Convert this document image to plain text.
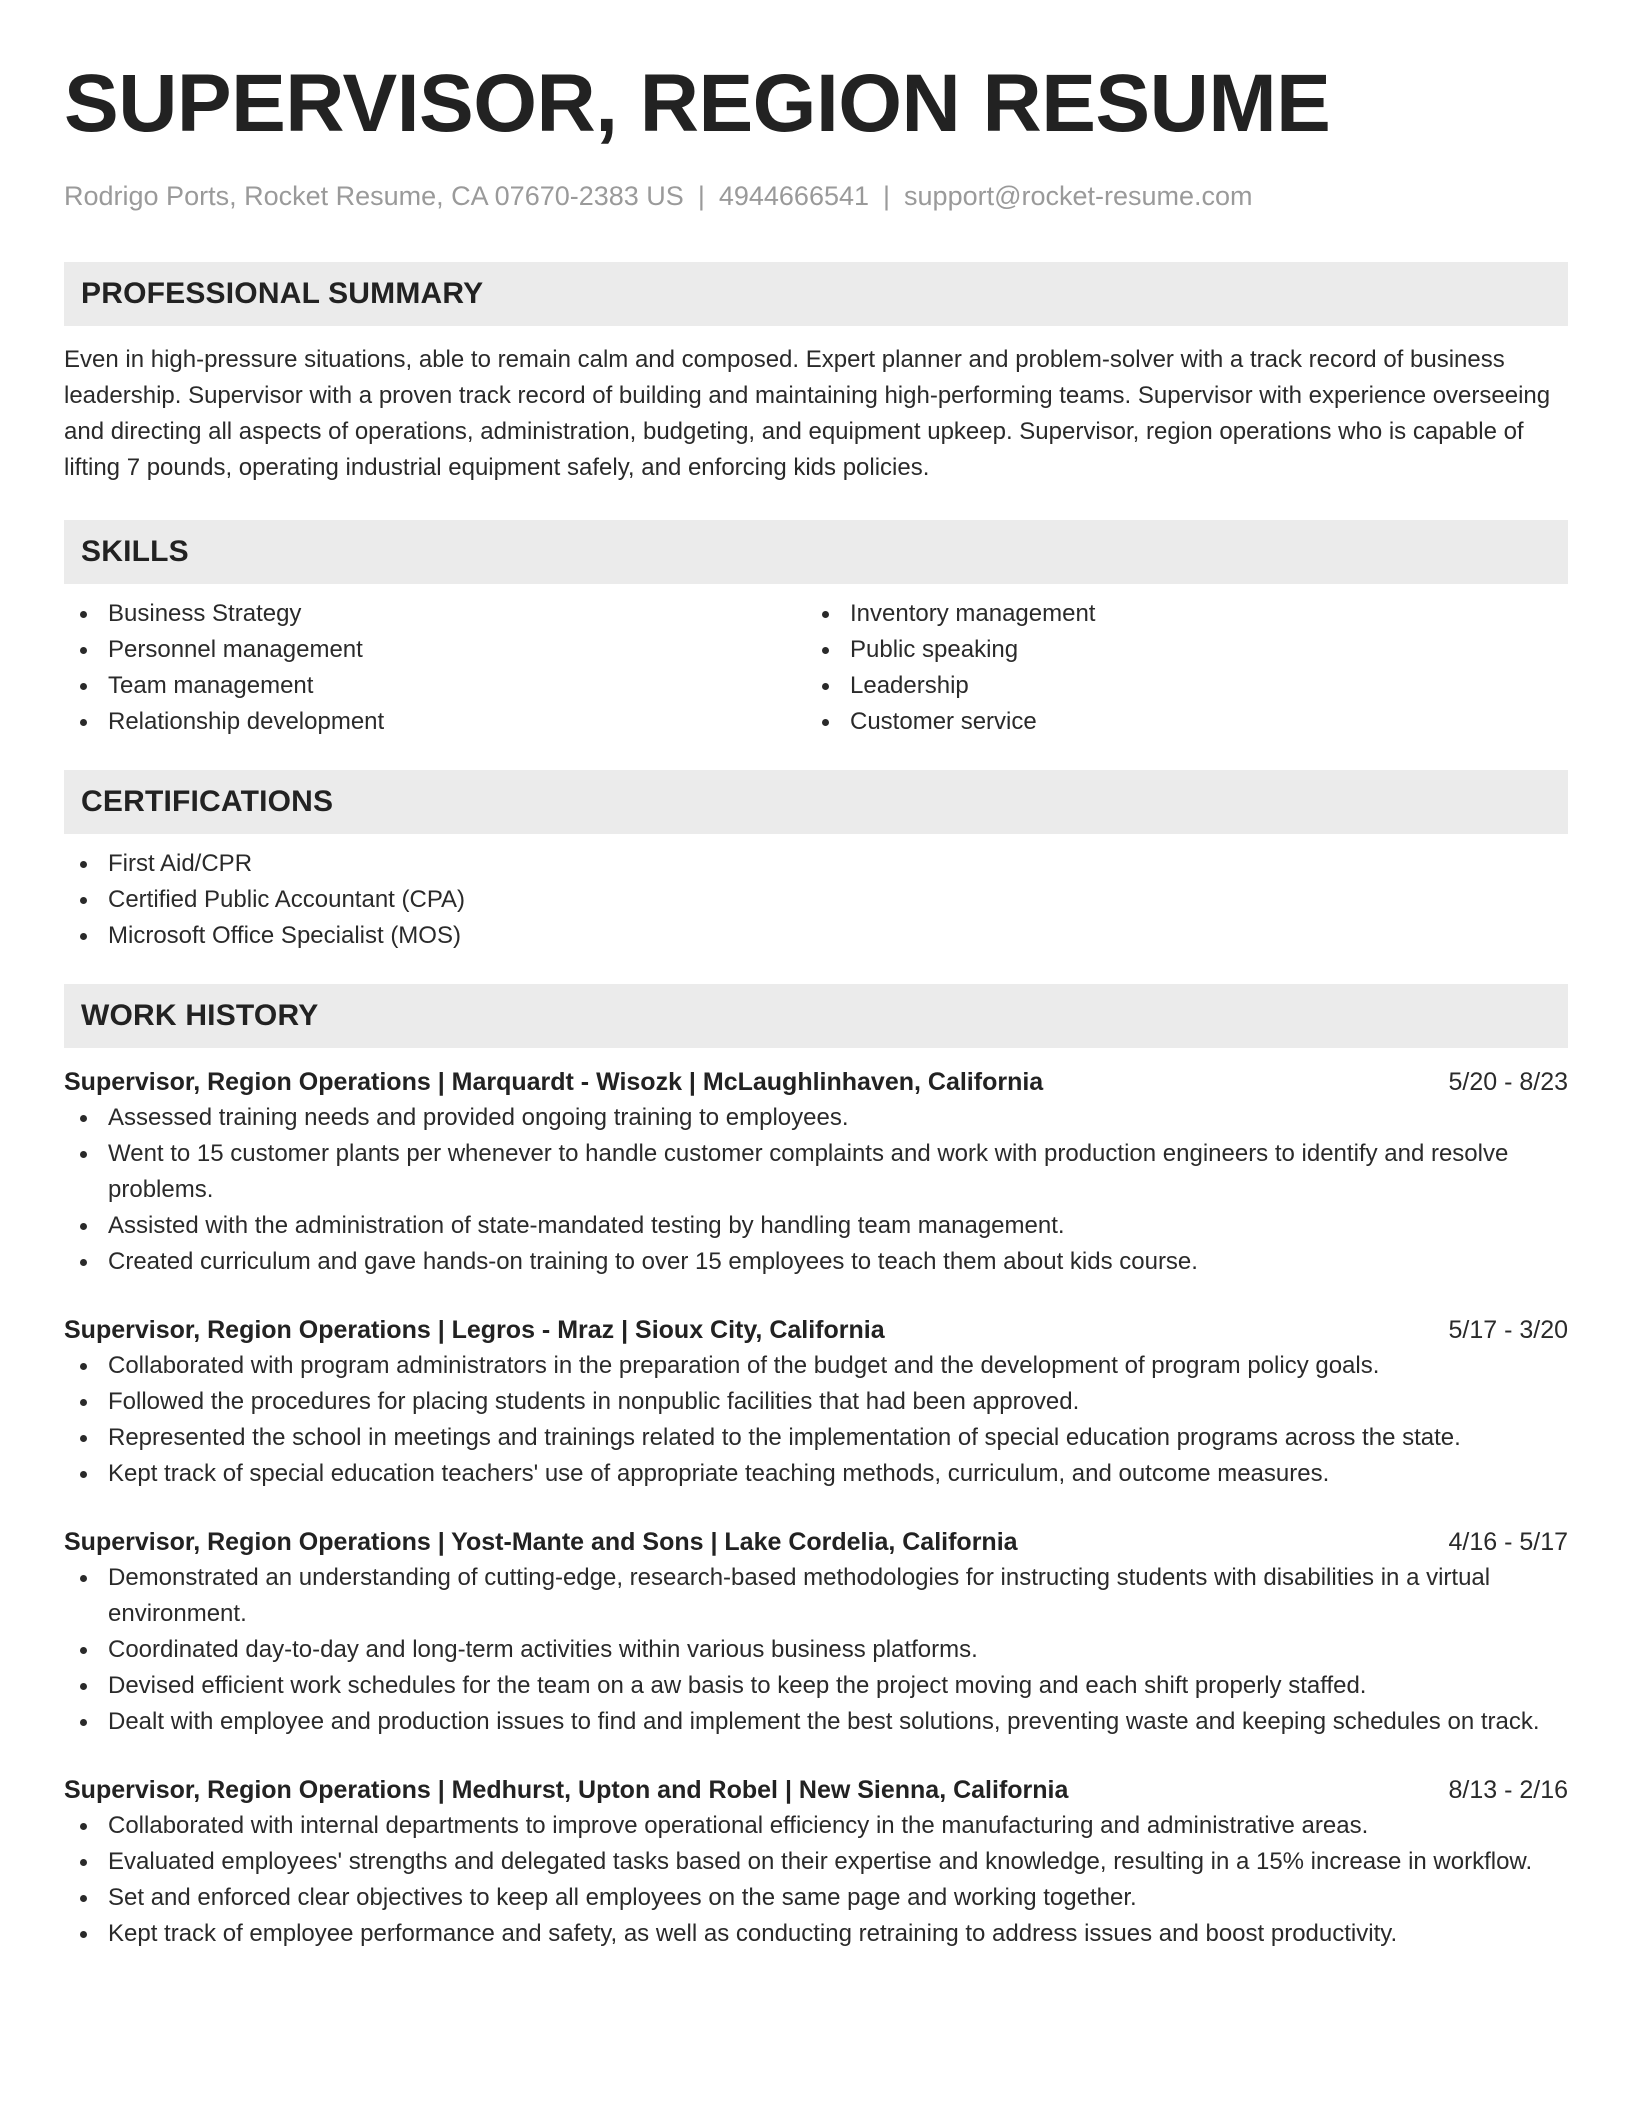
SUPERVISOR, REGION RESUME
Rodrigo Ports, Rocket Resume, CA 07670-2383 US | 4944666541 | support@rocket-resume.com
PROFESSIONAL SUMMARY

Even in high-pressure situations, able to remain calm and composed. Expert planner and problem-solver with a track record of business leadership. Supervisor with a proven track record of building and maintaining high-performing teams. Supervisor with experience overseeing and directing all aspects of operations, administration, budgeting, and equipment upkeep. Supervisor, region operations who is capable of lifting 7 pounds, operating industrial equipment safely, and enforcing kids policies.

SKILLS
Business Strategy
Personnel management
Team management
Relationship development
Inventory management
Public speaking
Leadership
Customer service
CERTIFICATIONS
First Aid/CPR
Certified Public Accountant (CPA)
Microsoft Office Specialist (MOS)
WORK HISTORY
Supervisor, Region Operations | Marquardt - Wisozk | McLaughlinhaven, California	5/20 - 8/23
Assessed training needs and provided ongoing training to employees.
Went to 15 customer plants per whenever to handle customer complaints and work with production engineers to identify and resolve problems.
Assisted with the administration of state-mandated testing by handling team management.
Created curriculum and gave hands-on training to over 15 employees to teach them about kids course.
Supervisor, Region Operations | Legros - Mraz | Sioux City, California	5/17 - 3/20
Collaborated with program administrators in the preparation of the budget and the development of program policy goals.
Followed the procedures for placing students in nonpublic facilities that had been approved.
Represented the school in meetings and trainings related to the implementation of special education programs across the state.
Kept track of special education teachers' use of appropriate teaching methods, curriculum, and outcome measures.
Supervisor, Region Operations | Yost-Mante and Sons | Lake Cordelia, California	4/16 - 5/17
Demonstrated an understanding of cutting-edge, research-based methodologies for instructing students with disabilities in a virtual environment.
Coordinated day-to-day and long-term activities within various business platforms.
Devised efficient work schedules for the team on a aw basis to keep the project moving and each shift properly staffed.
Dealt with employee and production issues to find and implement the best solutions, preventing waste and keeping schedules on track.
Supervisor, Region Operations | Medhurst, Upton and Robel | New Sienna, California	8/13 - 2/16
Collaborated with internal departments to improve operational efficiency in the manufacturing and administrative areas.
Evaluated employees' strengths and delegated tasks based on their expertise and knowledge, resulting in a 15% increase in workflow.
Set and enforced clear objectives to keep all employees on the same page and working together.
Kept track of employee performance and safety, as well as conducting retraining to address issues and boost productivity.
